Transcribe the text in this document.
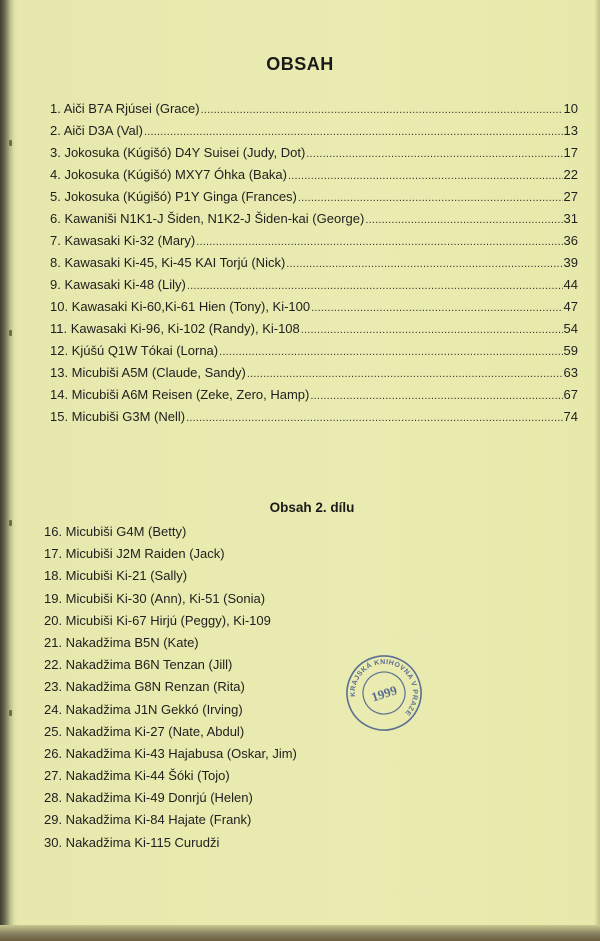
OBSAH
1. Aiči B7A Rjúsei (Grace) .....	10
2. Aiči D3A (Val) .....	13
3. Jokosuka (Kúgišó) D4Y Suisei (Judy, Dot) .....	17
4. Jokosuka (Kúgišó) MXY7 Óhka (Baka) .....	22
5. Jokosuka (Kúgišó) P1Y Ginga (Frances) .....	27
6. Kawaniši N1K1-J Šiden, N1K2-J Šiden-kai (George) .....	31
7. Kawasaki Ki-32 (Mary) .....	36
8. Kawasaki Ki-45, Ki-45 KAI Torjú (Nick) .....	39
9. Kawasaki Ki-48 (Lily) .....	44
10. Kawasaki Ki-60,Ki-61 Hien (Tony), Ki-100 .....	47
11. Kawasaki Ki-96, Ki-102 (Randy), Ki-108 .....	54
12. Kjúšú Q1W Tókai (Lorna) .....	59
13. Micubiši A5M (Claude, Sandy) .....	63
14. Micubiši A6M Reisen (Zeke, Zero, Hamp) .....	67
15. Micubiši G3M (Nell) .....	74
Obsah 2. dílu
16. Micubiši G4M (Betty)
17. Micubiši J2M Raiden (Jack)
18. Micubiši Ki-21 (Sally)
19. Micubiši Ki-30 (Ann), Ki-51 (Sonia)
20. Micubiši Ki-67 Hirjú (Peggy), Ki-109
21. Nakadžima B5N (Kate)
22. Nakadžima B6N Tenzan (Jill)
23. Nakadžima G8N Renzan (Rita)
24. Nakadžima J1N Gekkó (Irving)
25. Nakadžima Ki-27 (Nate, Abdul)
26. Nakadžima Ki-43 Hajabusa (Oskar, Jim)
27. Nakadžima Ki-44 Šóki (Tojo)
28. Nakadžima Ki-49 Donrjú (Helen)
29. Nakadžima Ki-84 Hajate (Frank)
30. Nakadžima Ki-115 Curudži
KRAJSKÁ KNIHOVNA V PRAZE
1999
